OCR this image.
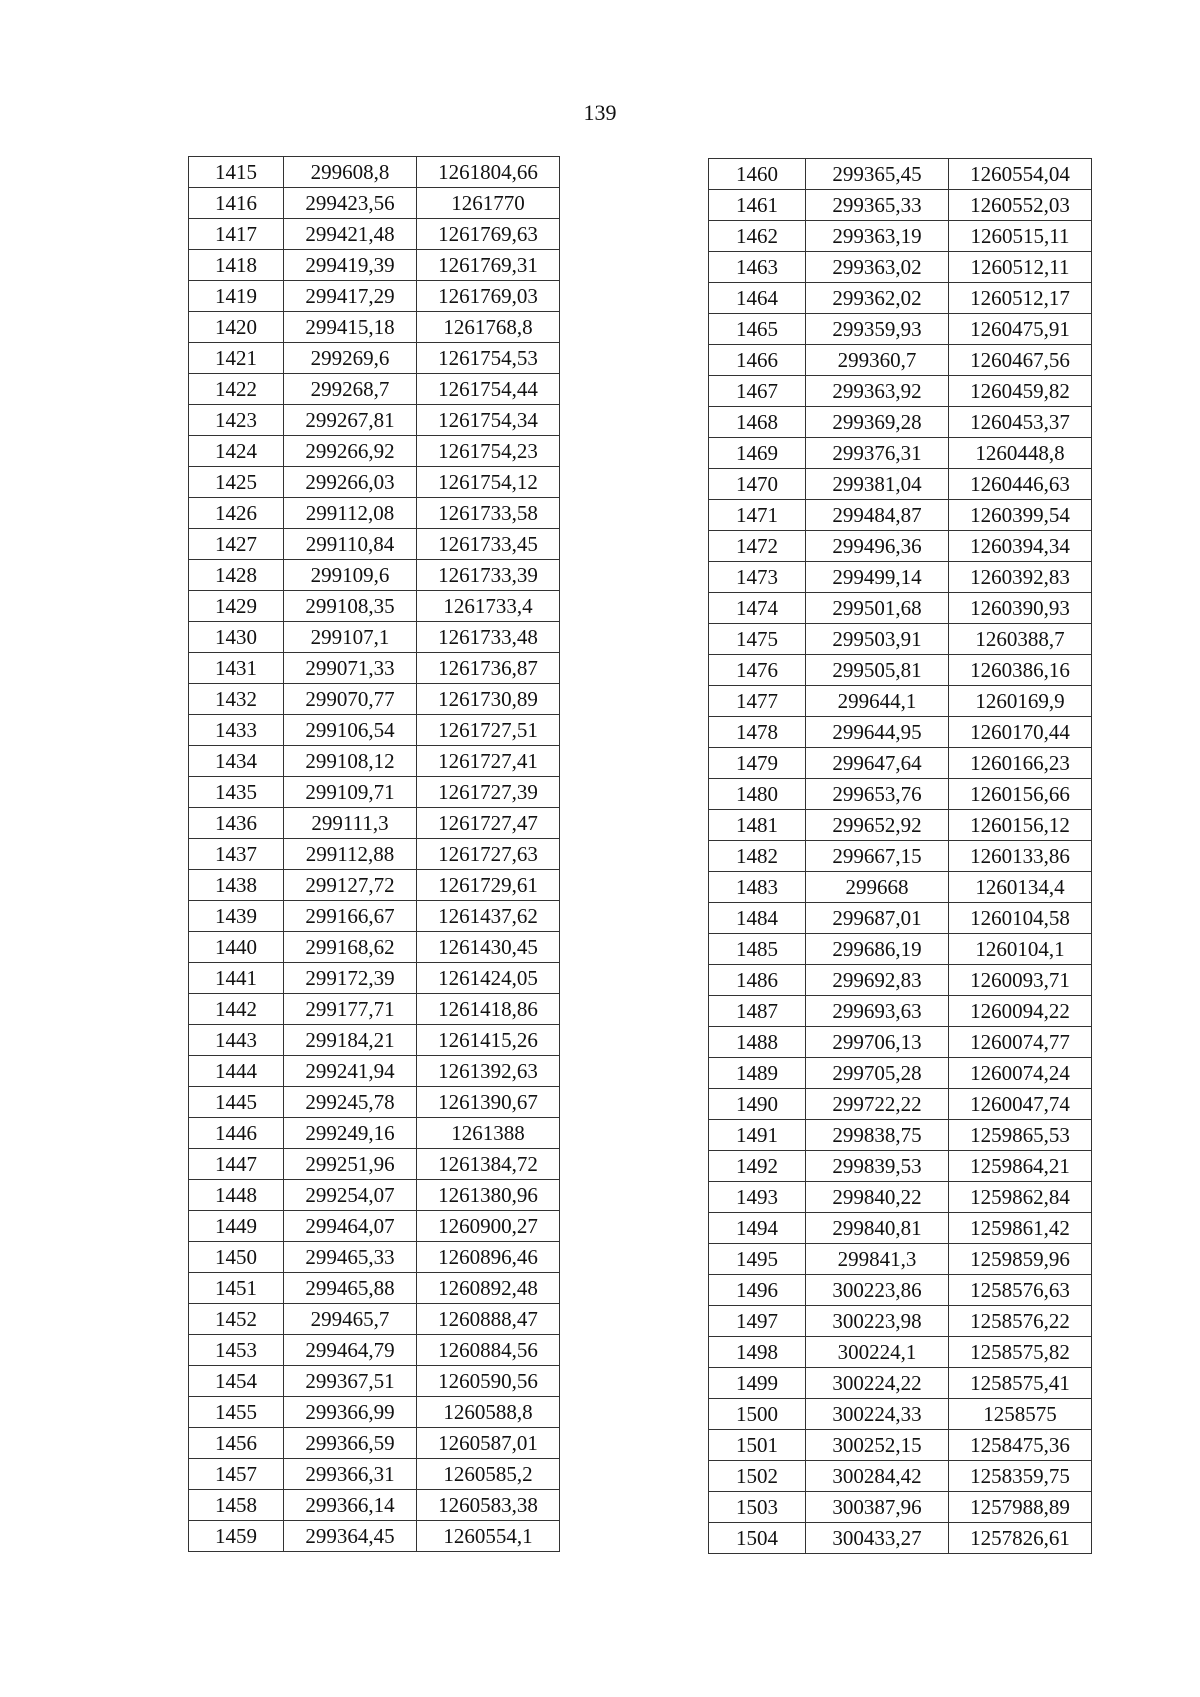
139
1415	299608,8	1261804,66
1416	299423,56	1261770
1417	299421,48	1261769,63
1418	299419,39	1261769,31
1419	299417,29	1261769,03
1420	299415,18	1261768,8
1421	299269,6	1261754,53
1422	299268,7	1261754,44
1423	299267,81	1261754,34
1424	299266,92	1261754,23
1425	299266,03	1261754,12
1426	299112,08	1261733,58
1427	299110,84	1261733,45
1428	299109,6	1261733,39
1429	299108,35	1261733,4
1430	299107,1	1261733,48
1431	299071,33	1261736,87
1432	299070,77	1261730,89
1433	299106,54	1261727,51
1434	299108,12	1261727,41
1435	299109,71	1261727,39
1436	299111,3	1261727,47
1437	299112,88	1261727,63
1438	299127,72	1261729,61
1439	299166,67	1261437,62
1440	299168,62	1261430,45
1441	299172,39	1261424,05
1442	299177,71	1261418,86
1443	299184,21	1261415,26
1444	299241,94	1261392,63
1445	299245,78	1261390,67
1446	299249,16	1261388
1447	299251,96	1261384,72
1448	299254,07	1261380,96
1449	299464,07	1260900,27
1450	299465,33	1260896,46
1451	299465,88	1260892,48
1452	299465,7	1260888,47
1453	299464,79	1260884,56
1454	299367,51	1260590,56
1455	299366,99	1260588,8
1456	299366,59	1260587,01
1457	299366,31	1260585,2
1458	299366,14	1260583,38
1459	299364,45	1260554,1
1460	299365,45	1260554,04
1461	299365,33	1260552,03
1462	299363,19	1260515,11
1463	299363,02	1260512,11
1464	299362,02	1260512,17
1465	299359,93	1260475,91
1466	299360,7	1260467,56
1467	299363,92	1260459,82
1468	299369,28	1260453,37
1469	299376,31	1260448,8
1470	299381,04	1260446,63
1471	299484,87	1260399,54
1472	299496,36	1260394,34
1473	299499,14	1260392,83
1474	299501,68	1260390,93
1475	299503,91	1260388,7
1476	299505,81	1260386,16
1477	299644,1	1260169,9
1478	299644,95	1260170,44
1479	299647,64	1260166,23
1480	299653,76	1260156,66
1481	299652,92	1260156,12
1482	299667,15	1260133,86
1483	299668	1260134,4
1484	299687,01	1260104,58
1485	299686,19	1260104,1
1486	299692,83	1260093,71
1487	299693,63	1260094,22
1488	299706,13	1260074,77
1489	299705,28	1260074,24
1490	299722,22	1260047,74
1491	299838,75	1259865,53
1492	299839,53	1259864,21
1493	299840,22	1259862,84
1494	299840,81	1259861,42
1495	299841,3	1259859,96
1496	300223,86	1258576,63
1497	300223,98	1258576,22
1498	300224,1	1258575,82
1499	300224,22	1258575,41
1500	300224,33	1258575
1501	300252,15	1258475,36
1502	300284,42	1258359,75
1503	300387,96	1257988,89
1504	300433,27	1257826,61
